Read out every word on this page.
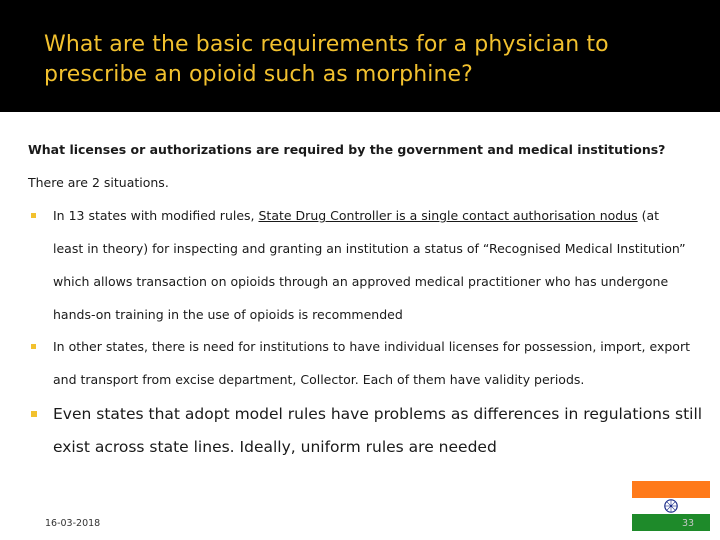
What are the basic requirements for a physician to prescribe an opioid such as morphine?
What licenses or authorizations are required by the government and medical institutions?
There are 2 situations.
In 13 states with modified rules, State Drug Controller is a single contact authorisation nodus (at least in theory) for inspecting and granting an institution a status of “Recognised Medical Institution” which allows transaction on opioids through an approved medical practitioner who has undergone hands-on training in the use of opioids is recommended
In other states, there is need for institutions to have individual licenses for possession, import, export and transport from excise department, Collector. Each of them have validity periods.
Even states that adopt model rules have problems as differences in regulations still exist across state lines. Ideally, uniform rules are needed
16-03-2018	33
